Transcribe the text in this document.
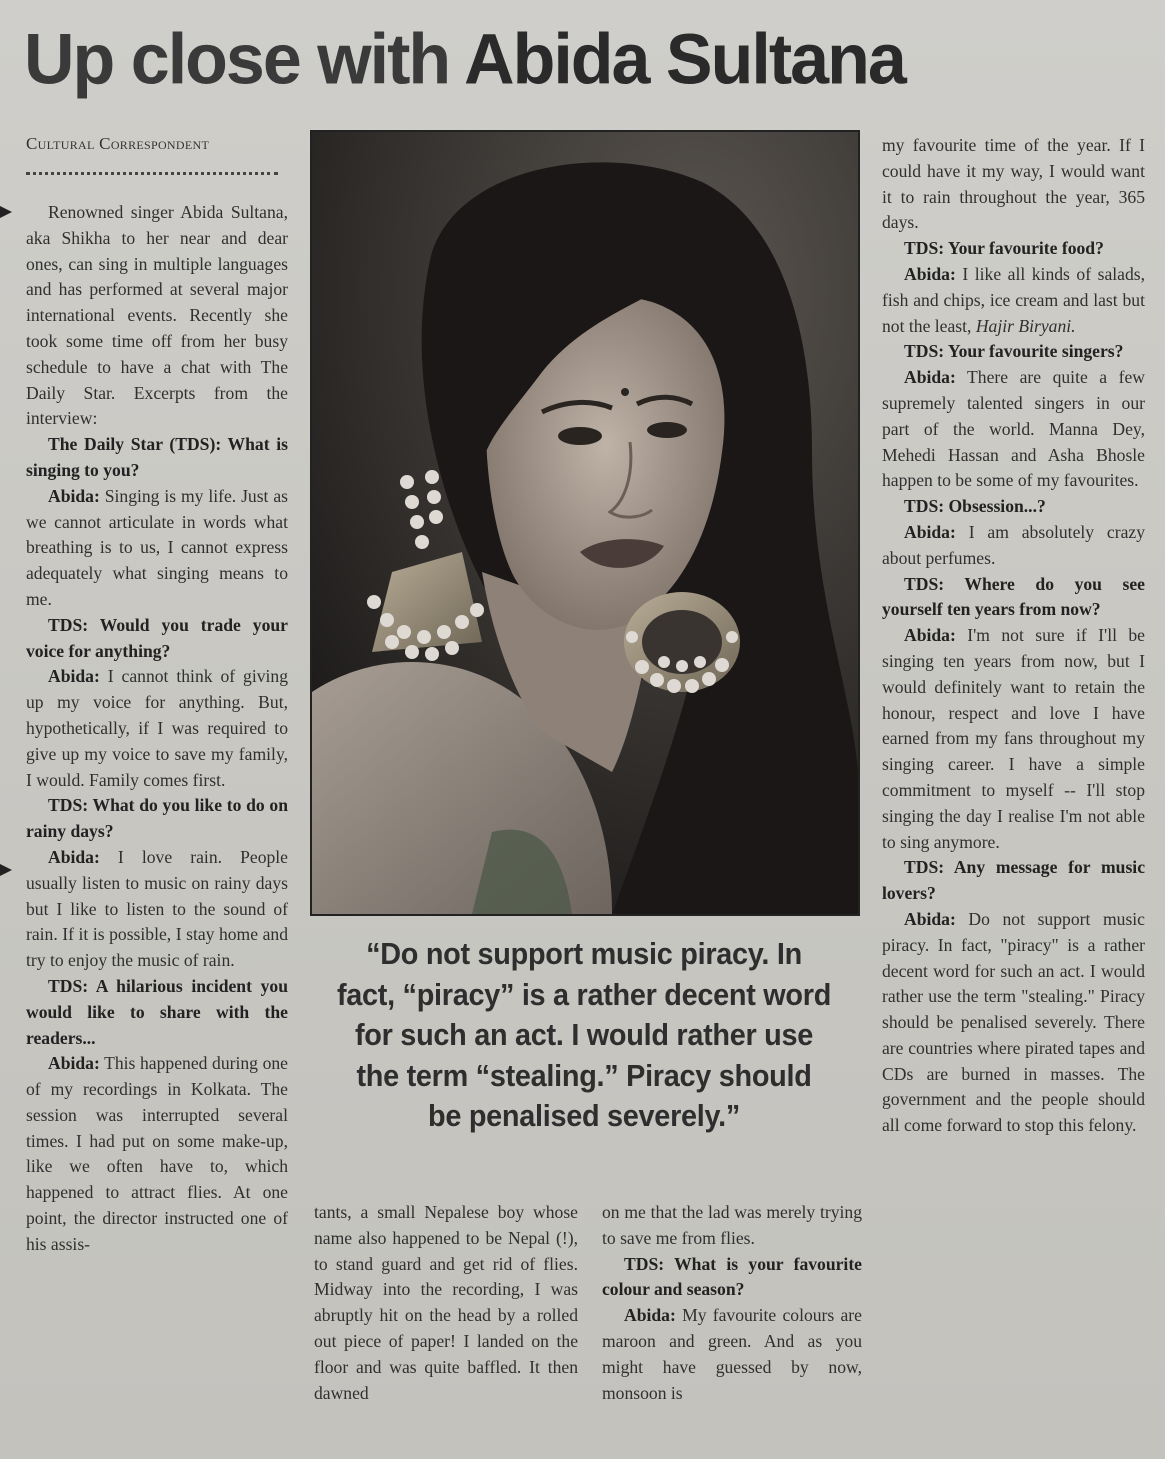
Up close with Abida Sultana
Cultural Correspondent

Renowned singer Abida Sultana, aka Shikha to her near and dear ones, can sing in multiple languages and has performed at several major international events. Recently she took some time off from her busy schedule to have a chat with The Daily Star. Excerpts from the interview:

The Daily Star (TDS): What is singing to you?

Abida: Singing is my life. Just as we cannot articulate in words what breathing is to us, I cannot express adequately what singing means to me.

TDS: Would you trade your voice for anything?

Abida: I cannot think of giving up my voice for anything. But, hypothetically, if I was required to give up my voice to save my family, I would. Family comes first.

TDS: What do you like to do on rainy days?

Abida: I love rain. People usually listen to music on rainy days but I like to listen to the sound of rain. If it is possible, I stay home and try to enjoy the music of rain.

TDS: A hilarious incident you would like to share with the readers...

Abida: This happened during one of my recordings in Kolkata. The session was interrupted several times. I had put on some make-up, like we often have to, which happened to attract flies. At one point, the director instructed one of his assis-

“Do not support music piracy. In fact, “piracy” is a rather decent word for such an act. I would rather use the term “stealing.” Piracy should be penalised severely.”

tants, a small Nepalese boy whose name also happened to be Nepal (!), to stand guard and get rid of flies. Midway into the recording, I was abruptly hit on the head by a rolled out piece of paper! I landed on the floor and was quite baffled. It then dawned

on me that the lad was merely trying to save me from flies.

TDS: What is your favourite colour and season?

Abida: My favourite colours are maroon and green. And as you might have guessed by now, monsoon is

my favourite time of the year. If I could have it my way, I would want it to rain throughout the year, 365 days.

TDS: Your favourite food?

Abida: I like all kinds of salads, fish and chips, ice cream and last but not the least, Hajir Biryani.

TDS: Your favourite singers?

Abida: There are quite a few supremely talented singers in our part of the world. Manna Dey, Mehedi Hassan and Asha Bhosle happen to be some of my favourites.

TDS: Obsession...?

Abida: I am absolutely crazy about perfumes.

TDS: Where do you see yourself ten years from now?

Abida: I'm not sure if I'll be singing ten years from now, but I would definitely want to retain the honour, respect and love I have earned from my fans throughout my singing career. I have a simple commitment to myself -- I'll stop singing the day I realise I'm not able to sing anymore.

TDS: Any message for music lovers?

Abida: Do not support music piracy. In fact, "piracy" is a rather decent word for such an act. I would rather use the term "stealing." Piracy should be penalised severely. There are countries where pirated tapes and CDs are burned in masses. The government and the people should all come forward to stop this felony.
